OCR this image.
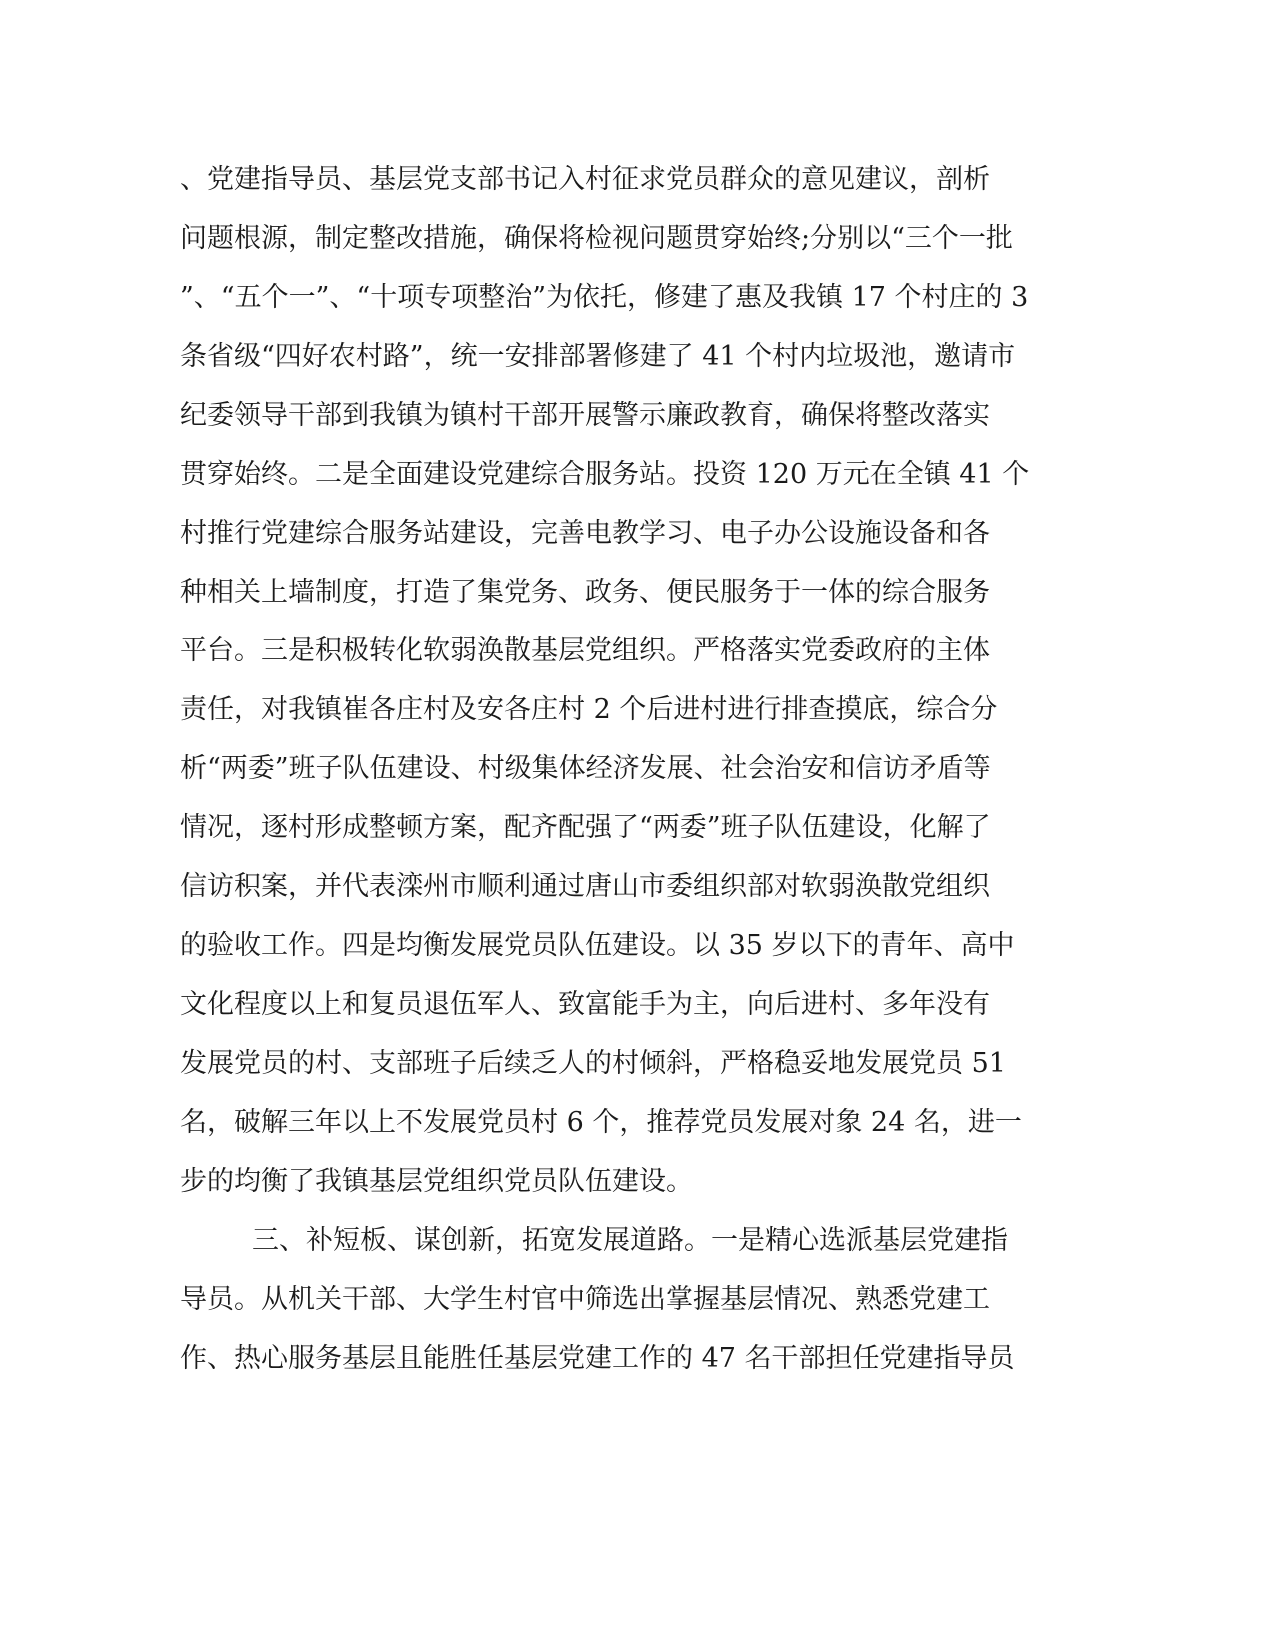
、党建指导员、基层党支部书记入村征求党员群众的意见建议，剖析
问题根源，制定整改措施，确保将检视问题贯穿始终;分别以“三个一批
”、“五个一”、“十项专项整治”为依托，修建了惠及我镇 17 个村庄的 3
条省级“四好农村路”，统一安排部署修建了 41 个村内垃圾池，邀请市
纪委领导干部到我镇为镇村干部开展警示廉政教育，确保将整改落实
贯穿始终。二是全面建设党建综合服务站。投资 120 万元在全镇 41 个
村推行党建综合服务站建设，完善电教学习、电子办公设施设备和各
种相关上墙制度，打造了集党务、政务、便民服务于一体的综合服务
平台。三是积极转化软弱涣散基层党组织。严格落实党委政府的主体
责任，对我镇崔各庄村及安各庄村 2 个后进村进行排查摸底，综合分
析“两委”班子队伍建设、村级集体经济发展、社会治安和信访矛盾等
情况，逐村形成整顿方案，配齐配强了“两委”班子队伍建设，化解了
信访积案，并代表滦州市顺利通过唐山市委组织部对软弱涣散党组织
的验收工作。四是均衡发展党员队伍建设。以 35 岁以下的青年、高中
文化程度以上和复员退伍军人、致富能手为主，向后进村、多年没有
发展党员的村、支部班子后续乏人的村倾斜，严格稳妥地发展党员 51
名，破解三年以上不发展党员村 6 个，推荐党员发展对象 24 名，进一
步的均衡了我镇基层党组织党员队伍建设。
三、补短板、谋创新，拓宽发展道路。一是精心选派基层党建指
导员。从机关干部、大学生村官中筛选出掌握基层情况、熟悉党建工
作、热心服务基层且能胜任基层党建工作的 47 名干部担任党建指导员
